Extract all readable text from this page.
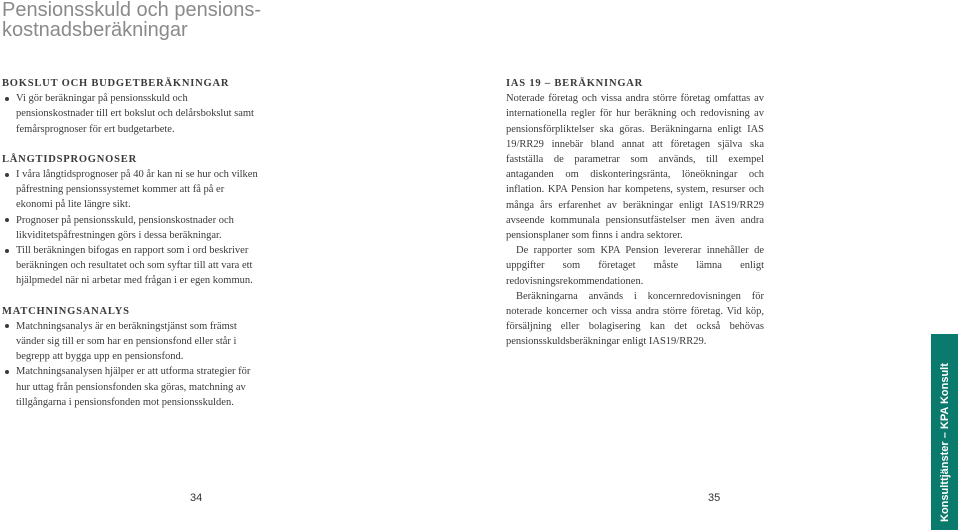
Pensionsskuld och pensions-
kostnadsberäkningar
BOKSLUT OCH BUDGETBERÄKNINGAR
Vi gör beräkningar på pensionsskuld och pensionskostnader till ert bokslut och delårsbokslut samt femårsprognoser för ert budgetarbete.
LÅNGTIDSPROGNOSER
I våra långtidsprognoser på 40 år kan ni se hur och vilken påfrestning pensionssystemet kommer att få på er ekonomi på lite längre sikt.
Prognoser på pensionsskuld, pensionskostnader och likviditetspåfrestningen görs i dessa beräkningar.
Till beräkningen bifogas en rapport som i ord beskriver beräkningen och resultatet och som syftar till att vara ett hjälpmedel när ni arbetar med frågan i er egen kommun.
MATCHNINGSANALYS
Matchningsanalys är en beräkningstjänst som främst vänder sig till er som har en pensionsfond eller står i begrepp att bygga upp en pensionsfond.
Matchningsanalysen hjälper er att utforma strategier för hur uttag från pensionsfonden ska göras, matchning av tillgångarna i pensionsfonden mot pensionsskulden.
IAS 19 – BERÄKNINGAR

Noterade företag och vissa andra större företag omfattas av internationella regler för hur beräkning och redovisning av pensionsförpliktelser ska göras. Beräkningarna enligt IAS 19/RR29 innebär bland annat att företagen själva ska fastställa de parametrar som används, till exempel antaganden om diskonteringsränta, löneökningar och inflation. KPA Pension har kompetens, system, resurser och många års erfarenhet av beräkningar enligt IAS19/RR29 avseende kommunala pensionsutfästelser men även andra pensionsplaner som finns i andra sektorer.

De rapporter som KPA Pension levererar innehåller de uppgifter som företaget måste lämna enligt redovisningsrekommendationen.

Beräkningarna används i koncernredovisningen för noterade koncerner och vissa andra större företag. Vid köp, försäljning eller bolagisering kan det också behövas pensionsskuldsberäkningar enligt IAS19/RR29.

34	35	Konsulttjänster – KPA Konsult
